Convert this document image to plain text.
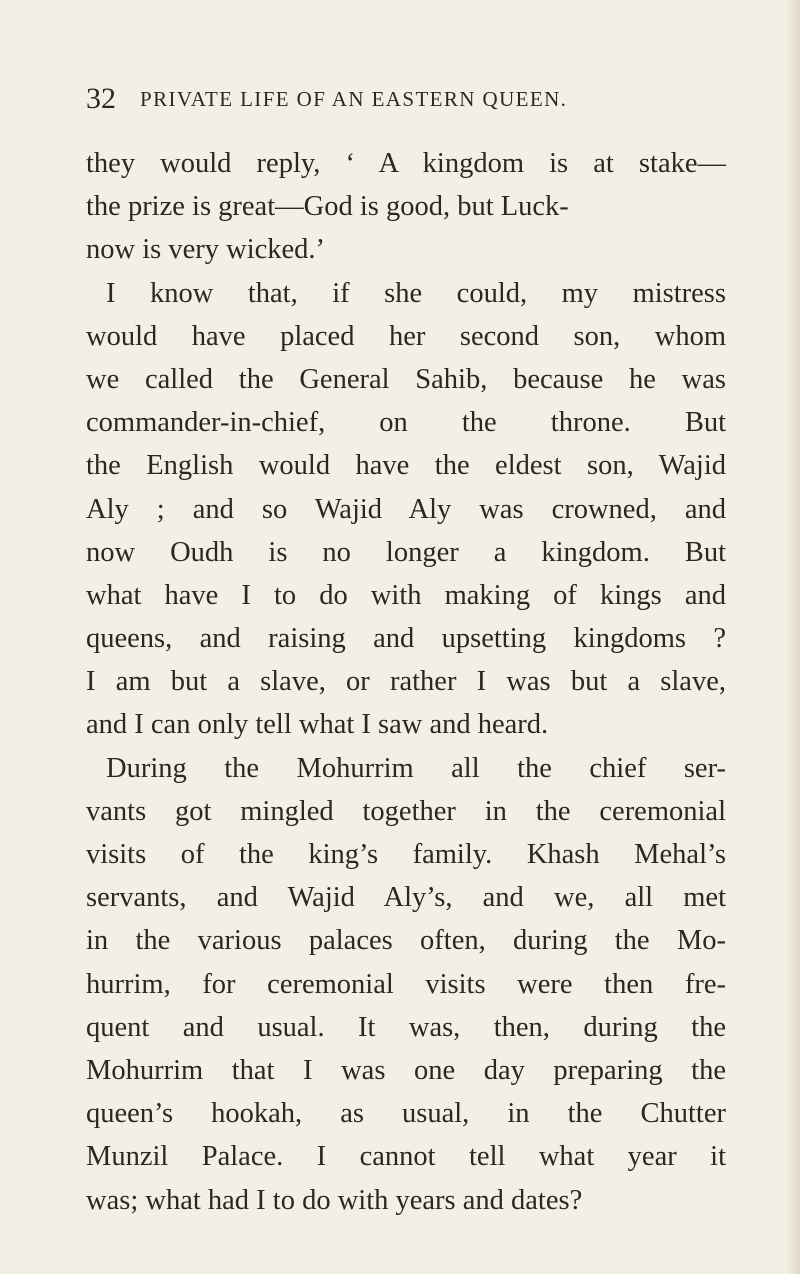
32 PRIVATE LIFE OF AN EASTERN QUEEN.
they would reply, ‘ A kingdom is at stake—
the prize is great—God is good, but Luck-
now is very wicked.’
I know that, if she could, my mistress
would have placed her second son, whom
we called the General Sahib, because he was
commander-in-chief, on the throne. But
the English would have the eldest son, Wajid
Aly ; and so Wajid Aly was crowned, and
now Oudh is no longer a kingdom. But
what have I to do with making of kings and
queens, and raising and upsetting kingdoms ?
I am but a slave, or rather I was but a slave,
and I can only tell what I saw and heard.
During the Mohurrim all the chief ser-
vants got mingled together in the ceremonial
visits of the king’s family. Khash Mehal’s
servants, and Wajid Aly’s, and we, all met
in the various palaces often, during the Mo-
hurrim, for ceremonial visits were then fre-
quent and usual. It was, then, during the
Mohurrim that I was one day preparing the
queen’s hookah, as usual, in the Chutter
Munzil Palace. I cannot tell what year it
was; what had I to do with years and dates?
